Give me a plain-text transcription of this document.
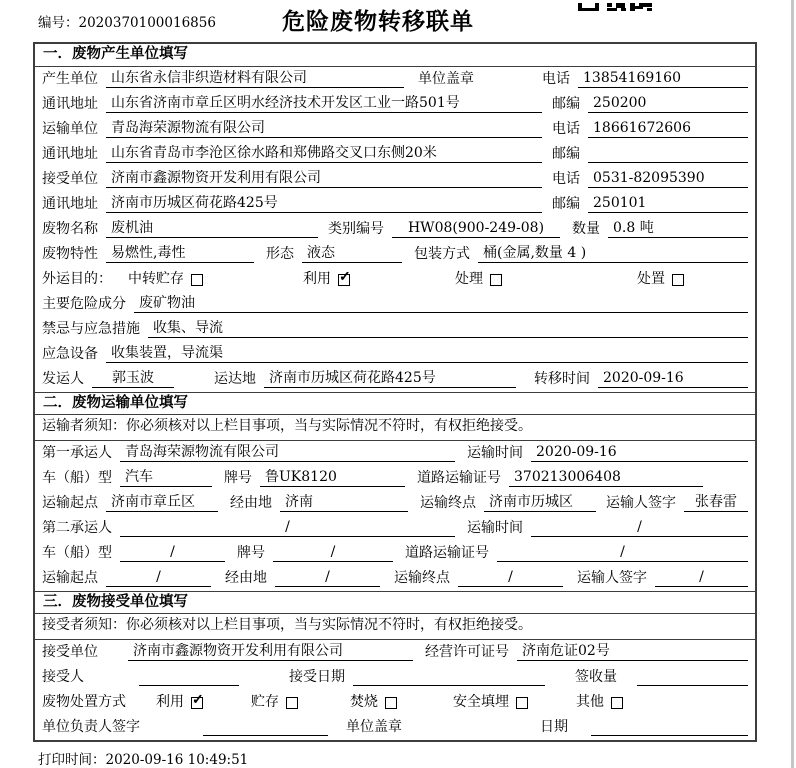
编号：2020370100016856	危险废物转移联单
一．废物产生单位填写
产生单位 山东省永信非织造材料有限公司	单位盖章	电话 13854169160
通讯地址 山东省济南市章丘区明水经济技术开发区工业一路501号	邮编 250200
运输单位 青岛海荣源物流有限公司	电话 18661672606
通讯地址 山东省青岛市李沧区徐水路和郑佛路交叉口东侧20米	邮编
接受单位 济南市鑫源物资开发利用有限公司	电话 0531-82095390
通讯地址 济南市历城区荷花路425号	邮编 250101
废物名称 废机油	类别编号	HW08(900-249-08)	数量 0.8 吨
废物特性 易燃性,毒性	形态 液态	包装方式 桶(金属,数量 4 )
外运目的： 中转贮存	利用 ✓	处理	处置
主要危险成分 废矿物油
禁忌与应急措施 收集、导流
应急设备 收集装置，导流渠
发运人	郭玉波	运达地 济南市历城区荷花路425号	转移时间 2020-09-16
二．废物运输单位填写
运输者须知：你必须核对以上栏目事项，当与实际情况不符时，有权拒绝接受。
第一承运人 青岛海荣源物流有限公司	运输时间 2020-09-16
车（船）型 汽车	牌号 鲁UK8120	道路运输证号 370213006408
运输起点 济南市章丘区	经由地 济南	运输终点 济南市历城区	运输人签字	张春雷
第二承运人	/	运输时间	/
车（船）型	/	牌号	/	道路运输证号	/
运输起点	/	经由地	/	运输终点	/	运输人签字	/
三．废物接受单位填写
接受者须知：你必须核对以上栏目事项，当与实际情况不符时，有权拒绝接受。
接受单位	济南市鑫源物资开发利用有限公司	经营许可证号 济南危证02号
接受人	接受日期	签收量
废物处置方式 利用 ✓	贮存	焚烧	安全填埋	其他
单位负责人签字	单位盖章	日期
打印时间：2020-09-16 10:49:51
